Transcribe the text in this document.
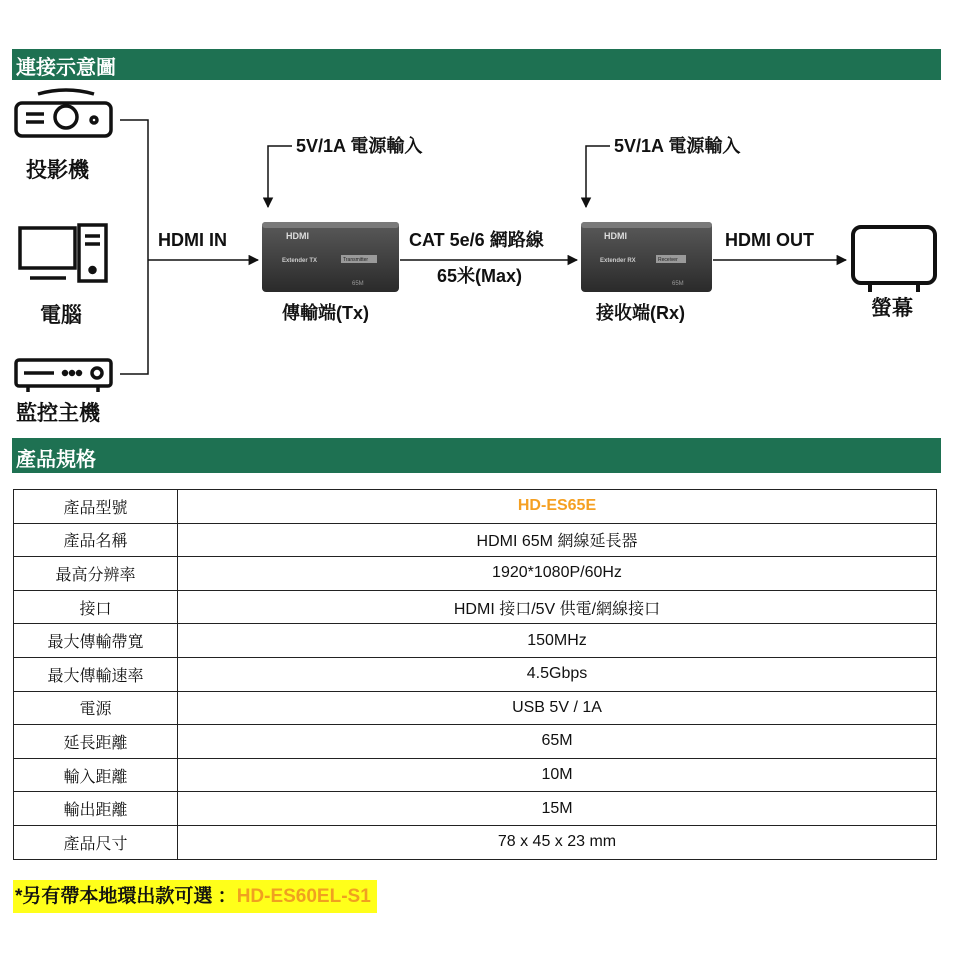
連接示意圖
投影機
電腦
監控主機
HDMI IN
5V/1A 電源輸入
HDMI
Extender TX	Transmitter
65M
傳輸端(Tx)
CAT 5e/6 網路線
65米(Max)
5V/1A 電源輸入
HDMI
Extender RX	Receiver
65M
接收端(Rx)
HDMI OUT
螢幕
產品規格
產品型號	HD-ES65E
產品名稱	HDMI 65M 網線延長器
最高分辨率	1920*1080P/60Hz
接口	HDMI 接口/5V 供電/網線接口
最大傳輸帶寬	150MHz
最大傳輸速率	4.5Gbps
電源	USB 5V / 1A
延長距離	65M
輸入距離	10M
輸出距離	15M
產品尺寸	78 x 45 x 23 mm
*另有帶本地環出款可選 ：HD-ES60EL-S1
